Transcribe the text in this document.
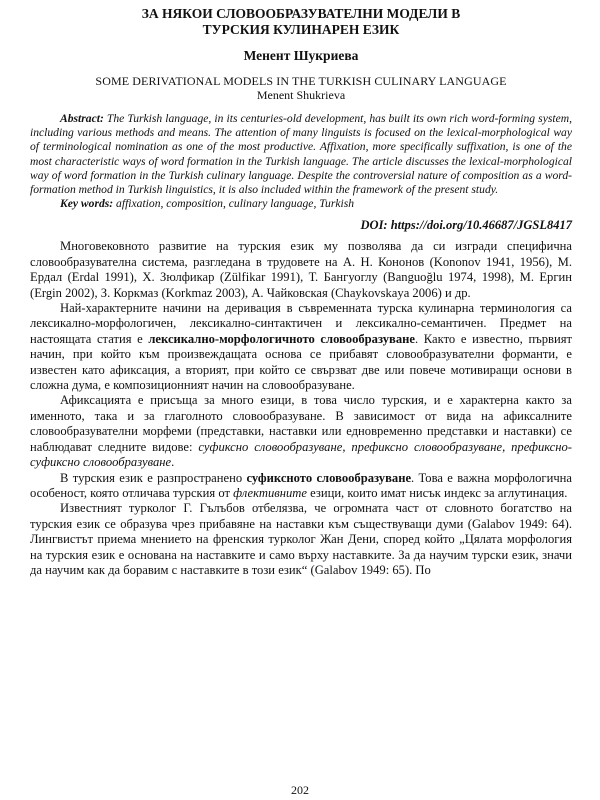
ЗА НЯКОИ СЛОВООБРАЗУВАТЕЛНИ МОДЕЛИ В
ТУРСКИЯ КУЛИНАРЕН ЕЗИК
Менент Шукриева
SOME DERIVATIONAL MODELS IN THE TURKISH CULINARY LANGUAGE
Menent Shukrieva
Abstract: The Turkish language, in its centuries-old development, has built its own rich word-forming system, including various methods and means. The attention of many linguists is focused on the lexical-morphological way of terminological nomination as one of the most productive. Affixation, more specifically suffixation, is one of the most characteristic ways of word formation in the Turkish language. The article discusses the lexical-morphological way of word formation in the Turkish culinary language. Despite the controversial nature of composition as a word-formation method in Turkish linguistics, it is also included within the framework of the present study.
Key words: affixation, composition, culinary language, Turkish
DOI: https://doi.org/10.46687/JGSL8417

Многовековното развитие на турския език му позволява да си изгради специфична словообразувателна система, разгледана в трудовете на А. Н. Кононов (Kononov 1941, 1956), М. Ердал (Erdal 1991), Х. Зюлфикар (Zülfikar 1991), Т. Бангуоглу (Banguoğlu 1974, 1998), М. Ергин (Ergin 2002), З. Коркмаз (Korkmaz 2003), А. Чайковская (Chaykovskaya 2006) и др.

Най-характерните начини на деривация в съвременната турска кулинарна терминология са лексикално-морфологичен, лексикално-синтактичен и лексикално-семантичен. Предмет на настоящата статия е лексикално-морфологичното словообразуване. Както е известно, първият начин, при който към произвеждащата основа се прибавят словообразувателни форманти, е известен като афиксация, а вторият, при който се свързват две или повече мотивиращи основи в сложна дума, е композиционният начин на словообразуване.

Афиксацията е присъща за много езици, в това число турския, и е характерна както за именното, така и за глаголното словообразуване. В зависимост от вида на афиксалните словообразувателни морфеми (представки, наставки или едновременно представки и наставки) се наблюдават следните видове: суфиксно словообразуване, префиксно словообразуване, префиксно-суфиксно словообразуване.

В турския език е разпространено суфиксното словообразуване. Това е важна морфологична особеност, която отличава турския от флективните езици, които имат нисък индекс за аглутинация.

Известният турколог Г. Гълъбов отбелязва, че огромната част от словното богатство на турския език се образува чрез прибавяне на наставки към съществуващи думи (Galabov 1949: 64). Лингвистът приема мнението на френския турколог Жан Дени, според който „Цялата морфология на турския език е основана на наставките и само върху наставките. За да научим турски език, значи да научим как да боравим с наставките в този език“ (Galabov 1949: 65). По

202
